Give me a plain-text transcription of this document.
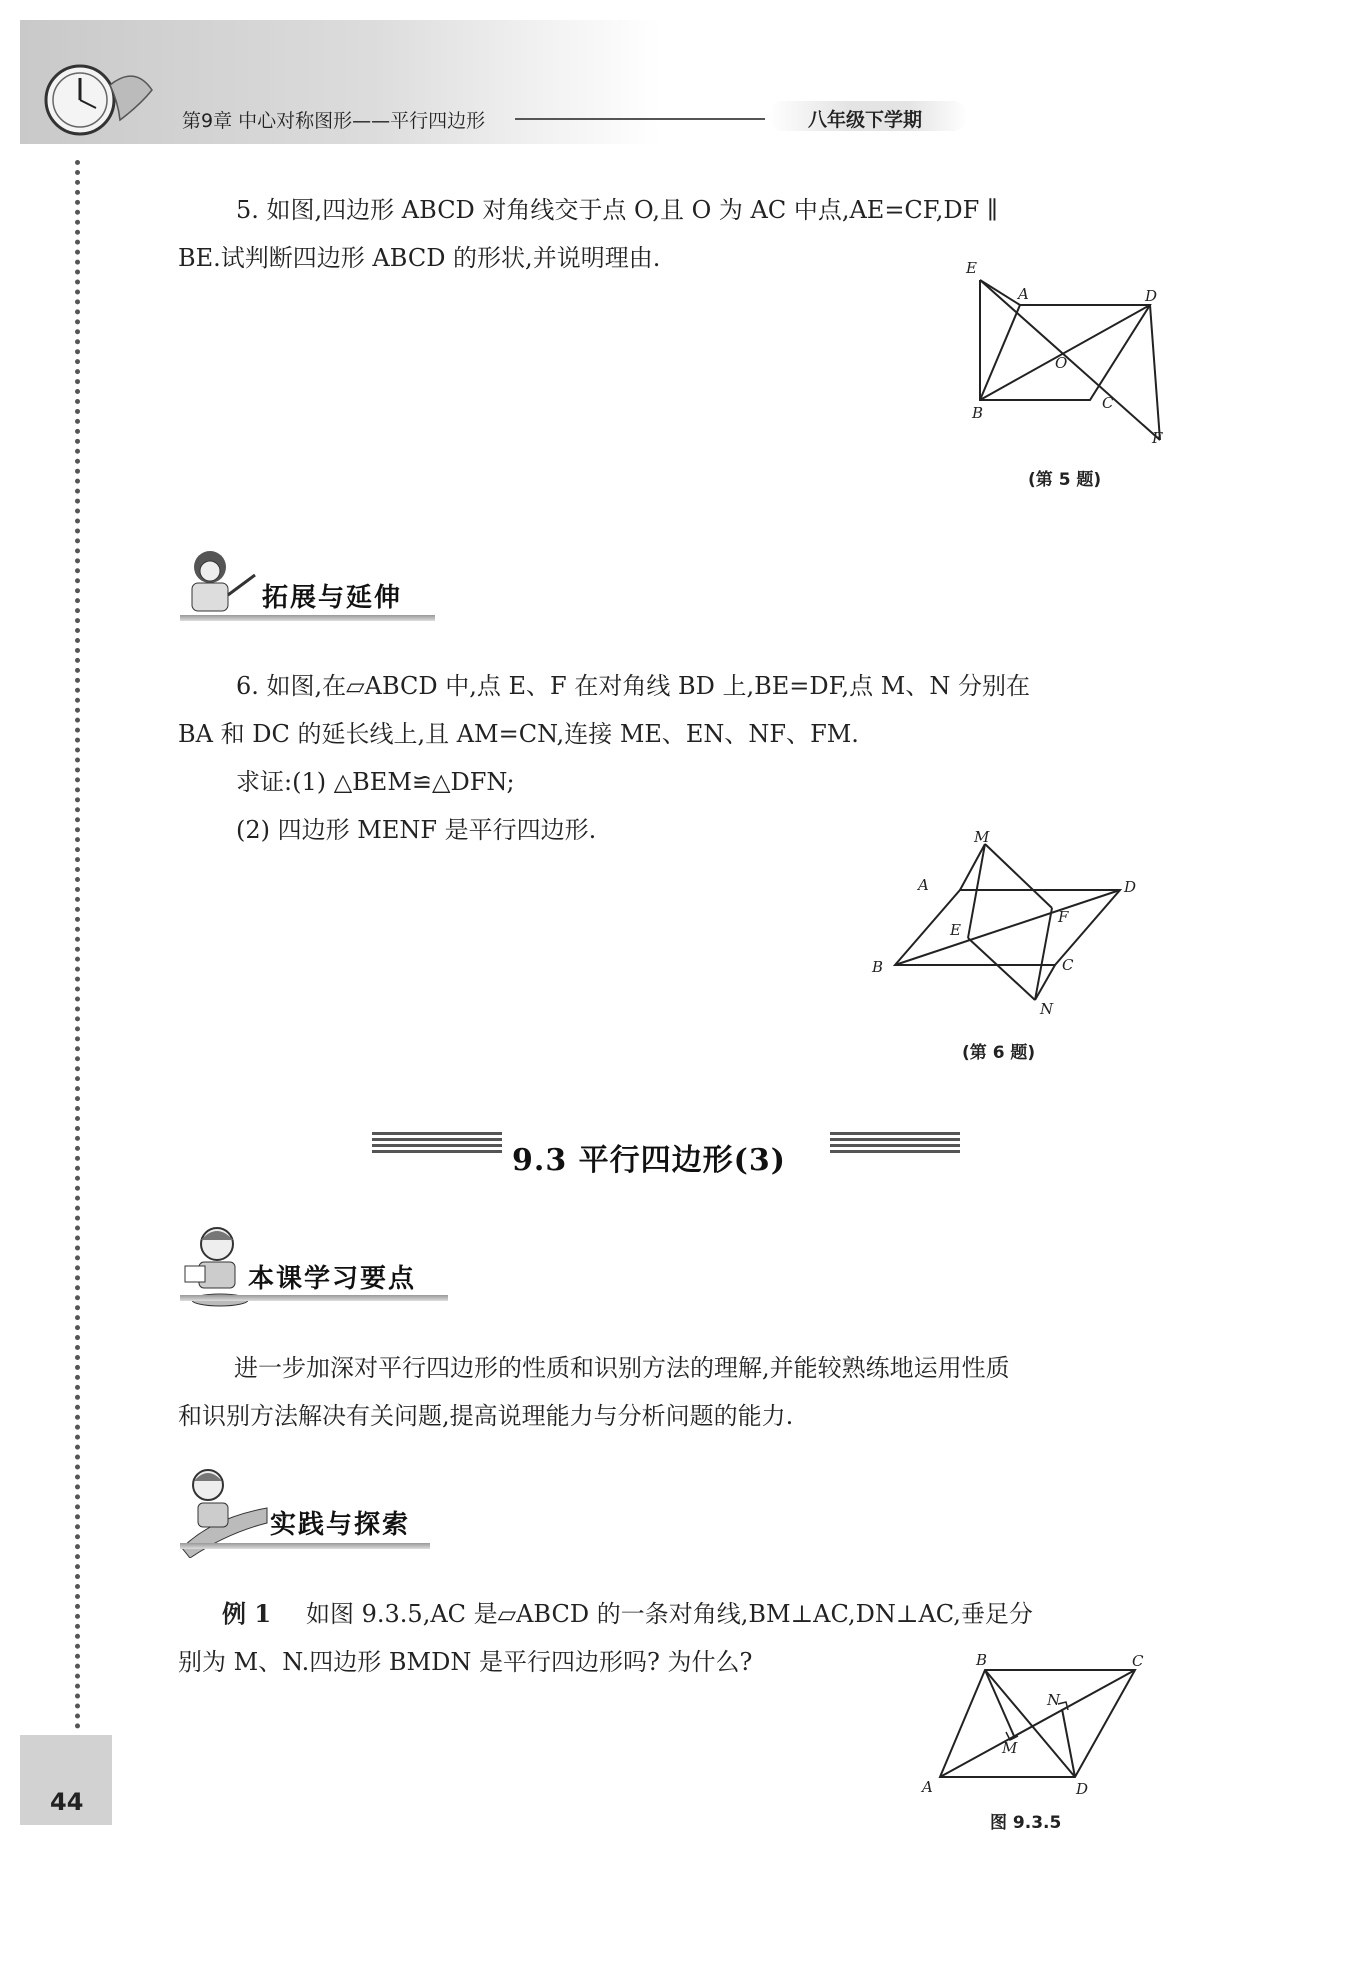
第9章 中心对称图形——平行四边形	八年级下学期
5. 如图,四边形 ABCD 对角线交于点 O,且 O 为 AC 中点,AE=CF,DF ∥
BE.试判断四边形 ABCD 的形状,并说明理由.	E
A	D
O
B
C
F
(第 5 题)
拓展与延伸
6. 如图,在▱ABCD 中,点 E、F 在对角线 BD 上,BE=DF,点 M、N 分别在
BA 和 DC 的延长线上,且 AM=CN,连接 ME、EN、NF、FM.
求证:(1) △BEM≌△DFN;
(2) 四边形 MENF 是平行四边形.	M
A	D
E
F
B	C
N
(第 6 题)
9.3 平行四边形(3)
本课学习要点
进一步加深对平行四边形的性质和识别方法的理解,并能较熟练地运用性质
和识别方法解决有关问题,提高说理能力与分析问题的能力.
实践与探索
例 1 如图 9.3.5,AC 是▱ABCD 的一条对角线,BM⊥AC,DN⊥AC,垂足分
别为 M、N.四边形 BMDN 是平行四边形吗? 为什么?	B	C
N
M
A	D
图 9.3.5
44
